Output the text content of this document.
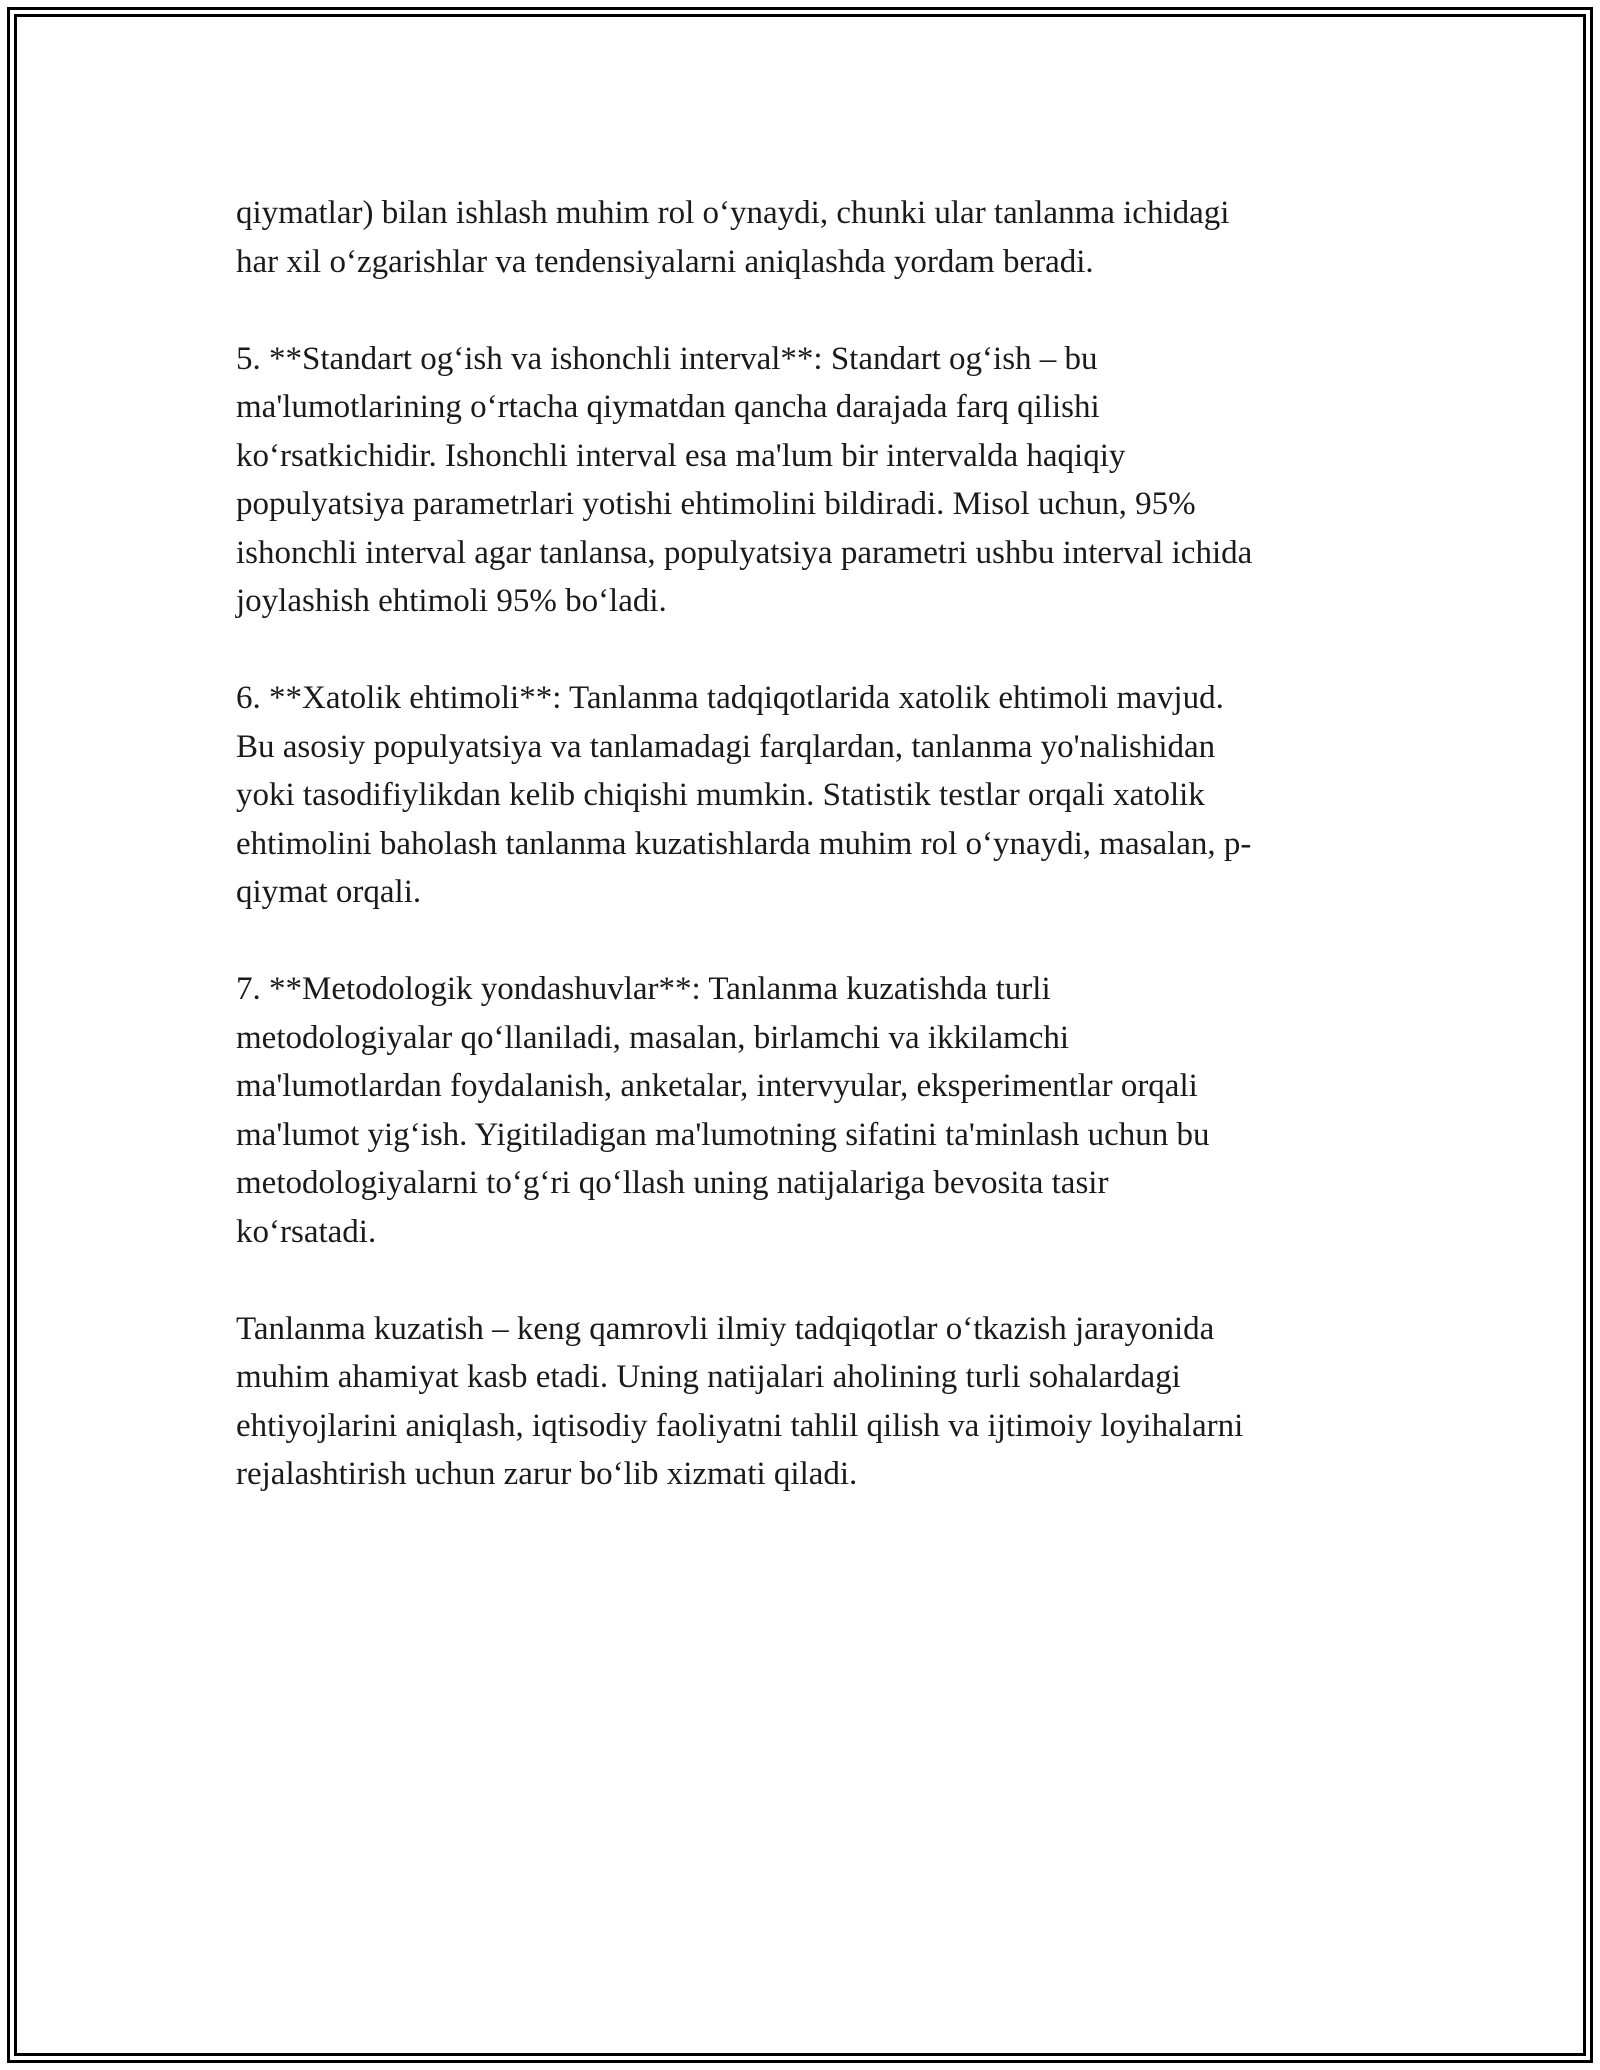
qiymatlar) bilan ishlash muhim rol o‘ynaydi, chunki ular tanlanma ichidagi
har xil o‘zgarishlar va tendensiyalarni aniqlashda yordam beradi.

5. **Standart og‘ish va ishonchli interval**: Standart og‘ish – bu
ma'lumotlarining o‘rtacha qiymatdan qancha darajada farq qilishi
ko‘rsatkichidir. Ishonchli interval esa ma'lum bir intervalda haqiqiy
populyatsiya parametrlari yotishi ehtimolini bildiradi. Misol uchun, 95%
ishonchli interval agar tanlansa, populyatsiya parametri ushbu interval ichida
joylashish ehtimoli 95% bo‘ladi.

6. **Xatolik ehtimoli**: Tanlanma tadqiqotlarida xatolik ehtimoli mavjud.
Bu asosiy populyatsiya va tanlamadagi farqlardan, tanlanma yo'nalishidan
yoki tasodifiylikdan kelib chiqishi mumkin. Statistik testlar orqali xatolik
ehtimolini baholash tanlanma kuzatishlarda muhim rol o‘ynaydi, masalan, p-
qiymat orqali.

7. **Metodologik yondashuvlar**: Tanlanma kuzatishda turli
metodologiyalar qo‘llaniladi, masalan, birlamchi va ikkilamchi
ma'lumotlardan foydalanish, anketalar, intervyular, eksperimentlar orqali
ma'lumot yig‘ish. Yigitiladigan ma'lumotning sifatini ta'minlash uchun bu
metodologiyalarni to‘g‘ri qo‘llash uning natijalariga bevosita tasir
ko‘rsatadi.

Tanlanma kuzatish – keng qamrovli ilmiy tadqiqotlar o‘tkazish jarayonida
muhim ahamiyat kasb etadi. Uning natijalari aholining turli sohalardagi
ehtiyojlarini aniqlash, iqtisodiy faoliyatni tahlil qilish va ijtimoiy loyihalarni
rejalashtirish uchun zarur bo‘lib xizmati qiladi.
